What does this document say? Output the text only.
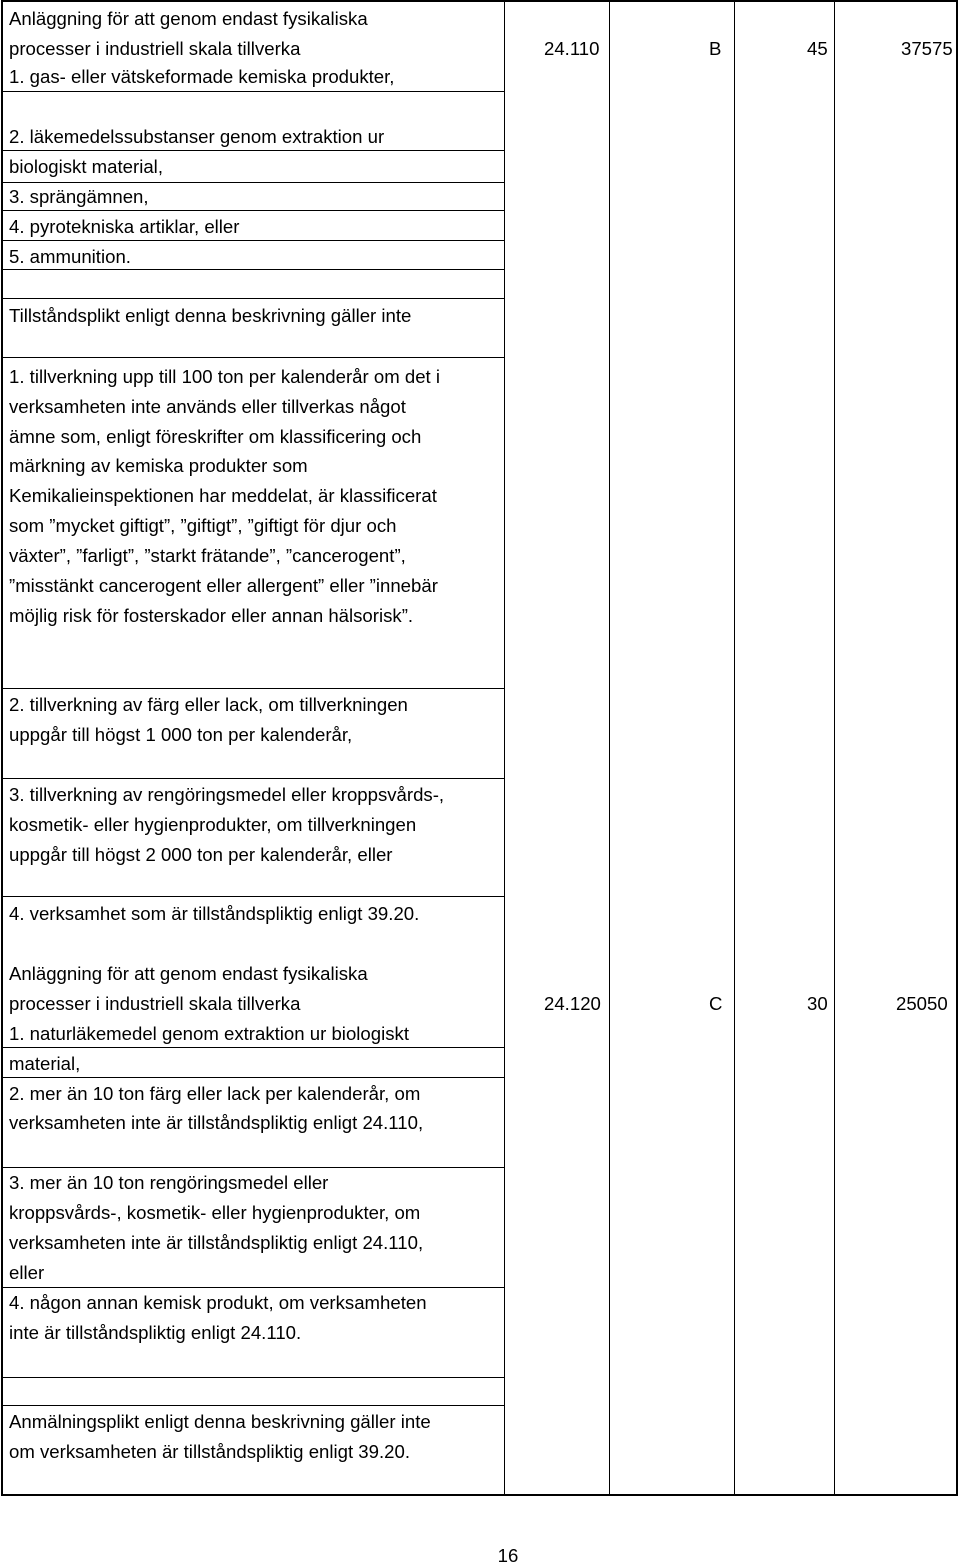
Anläggning för att genom endast fysikaliska
processer i industriell skala tillverka	24.110	B	45	37575
1. gas- eller vätskeformade kemiska produkter,
2. läkemedelssubstanser genom extraktion ur
biologiskt material,
3. sprängämnen,
4. pyrotekniska artiklar, eller
5. ammunition.
Tillståndsplikt enligt denna beskrivning gäller inte
1. tillverkning upp till 100 ton per kalenderår om det i
verksamheten inte används eller tillverkas något
ämne som, enligt föreskrifter om klassificering och
märkning av kemiska produkter som
Kemikalieinspektionen har meddelat, är klassificerat
som ”mycket giftigt”, ”giftigt”, ”giftigt för djur och
växter”, ”farligt”, ”starkt frätande”, ”cancerogent”,
”misstänkt cancerogent eller allergent” eller ”innebär
möjlig risk för fosterskador eller annan hälsorisk”.
2. tillverkning av färg eller lack, om tillverkningen
uppgår till högst 1 000 ton per kalenderår,
3. tillverkning av rengöringsmedel eller kroppsvårds-,
kosmetik- eller hygienprodukter, om tillverkningen
uppgår till högst 2 000 ton per kalenderår, eller
4. verksamhet som är tillståndspliktig enligt 39.20.
Anläggning för att genom endast fysikaliska
processer i industriell skala tillverka	24.120	C	30	25050
1. naturläkemedel genom extraktion ur biologiskt
material,
2. mer än 10 ton färg eller lack per kalenderår, om
verksamheten inte är tillståndspliktig enligt 24.110,
3. mer än 10 ton rengöringsmedel eller
kroppsvårds-, kosmetik- eller hygienprodukter, om
verksamheten inte är tillståndspliktig enligt 24.110,
eller
4. någon annan kemisk produkt, om verksamheten
inte är tillståndspliktig enligt 24.110.
Anmälningsplikt enligt denna beskrivning gäller inte
om verksamheten är tillståndspliktig enligt 39.20.
16
